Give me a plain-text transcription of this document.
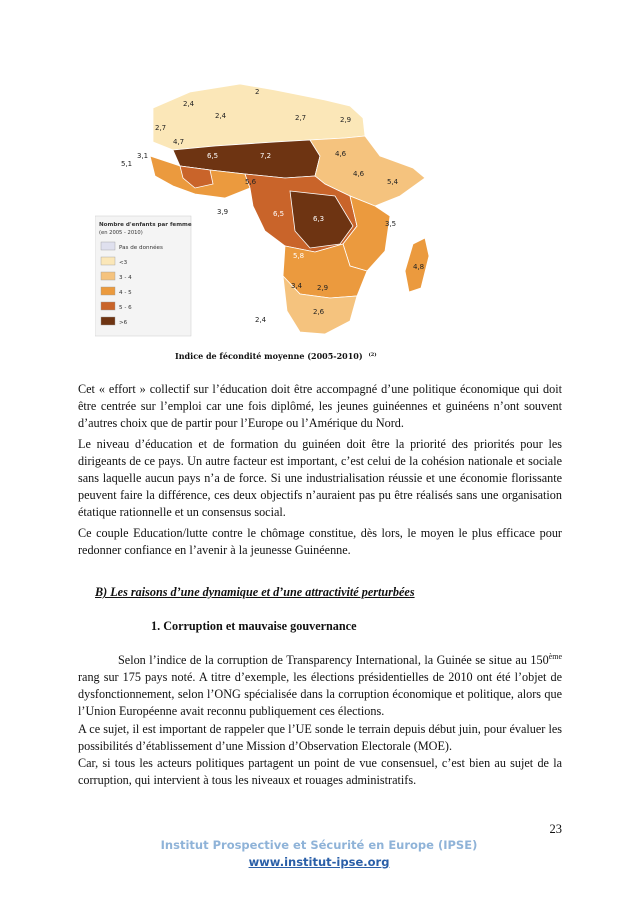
2,4
2
2,4	2,7	2,9
2,7
4,7
6,5	7,2	4,6
4,6
5,6	5,4
6,5
6,3
5,8
4,8
3,4 2,9
2,6
3,1
2,4
3,5
5,1
3,9
Nombre d'enfants par femme
(en 2005 - 2010)
Pas de données
<3
3 - 4
4 - 5
5 - 6
>6
Indice de fécondité moyenne (2005-2010) $^{(2)}$

Cet « effort » collectif sur l’éducation doit être accompagné d’une politique économique qui doit être centrée sur l’emploi car une fois diplômé, les jeunes guinéennes et guinéens n’ont souvent d’autres choix que de partir pour l’Europe ou l’Amérique du Nord.

Le niveau d’éducation et de formation du guinéen doit être la priorité des priorités pour les dirigeants de ce pays. Un autre facteur est important, c’est celui de la cohésion nationale et sociale sans laquelle aucun pays n’a de force. Si une industrialisation réussie et une économie florissante peuvent faire la différence, ces deux objectifs n’auraient pas pu être réalisés sans une organisation étatique rationnelle et un consensus social.

Ce couple Education/lutte contre le chômage constitue, dès lors, le moyen le plus efficace pour redonner confiance en l’avenir à la jeunesse Guinéenne.

B) Les raisons d’une dynamique et d’une attractivité perturbées
1. Corruption et mauvaise gouvernance

Selon l’indice de la corruption de Transparency International, la Guinée se situe au 150ème rang sur 175 pays noté. A titre d’exemple, les élections présidentielles de 2010 ont été l’objet de dysfonctionnement, selon l’ONG spécialisée dans la corruption économique et politique, alors que l’Union Européenne avait reconnu publiquement ces élections.

A ce sujet, il est important de rappeler que l’UE sonde le terrain depuis début juin, pour évaluer les possibilités d’établissement d’une Mission d’Observation Electorale (MOE).

Car, si tous les acteurs politiques partagent un point de vue consensuel, c’est bien au sujet de la corruption, qui intervient à tous les niveaux et rouages administratifs.

23
Institut Prospective et Sécurité en Europe (IPSE)
www.institut-ipse.org
